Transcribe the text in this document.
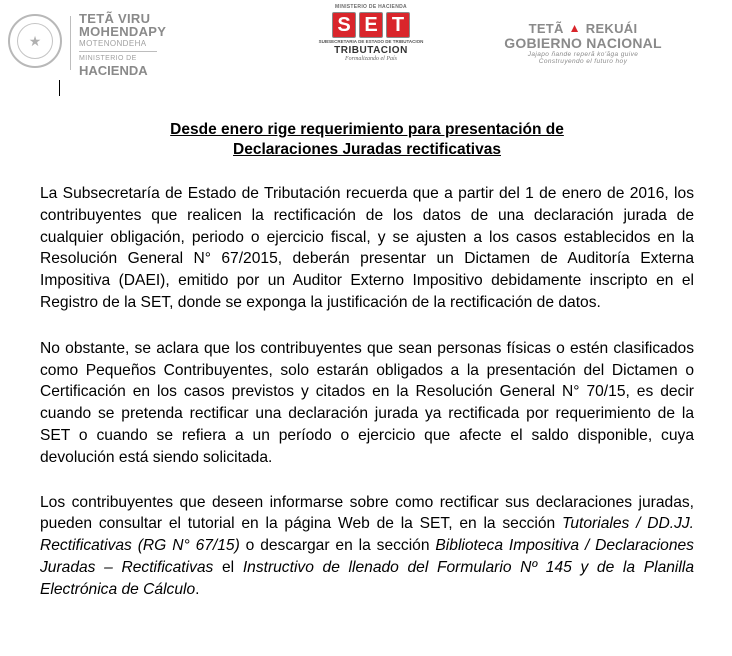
★
TETÃ VIRU
MOHENDAPY
MOTENONDEHA
MINISTERIO DE
HACIENDA
MINISTERIO DE HACIENDA
S E T
SUBSECRETARIA DE ESTADO DE TRIBUTACION
TRIBUTACION
Formalizando el País
TETÃ ▲ REKUÁI
GOBIERNO NACIONAL
Jajapo ñande reperã ko'ãga guive
Construyendo el futuro hoy
Desde enero rige requerimiento para presentación de
Declaraciones Juradas rectificativas

La Subsecretaría de Estado de Tributación recuerda que a partir del 1 de enero de 2016, los contribuyentes que realicen la rectificación de los datos de una declaración jurada de cualquier obligación, periodo o ejercicio fiscal, y se ajusten a los casos establecidos en la Resolución General N° 67/2015, deberán presentar un Dictamen de Auditoría Externa Impositiva (DAEI), emitido por un Auditor Externo Impositivo debidamente inscripto en el Registro de la SET, donde se exponga la justificación de la rectificación de datos.

No obstante, se aclara que los contribuyentes que sean personas físicas o estén clasificados como Pequeños Contribuyentes, solo estarán obligados a la presentación del Dictamen o Certificación en los casos previstos y citados en la Resolución General N° 70/15, es decir cuando se pretenda rectificar una declaración jurada ya rectificada por requerimiento de la SET o cuando se refiera a un período o ejercicio que afecte el saldo disponible, cuya devolución está siendo solicitada.

Los contribuyentes que deseen informarse sobre como rectificar sus declaraciones juradas, pueden consultar el tutorial en la página Web de la SET, en la sección Tutoriales / DD.JJ. Rectificativas (RG N° 67/15) o descargar en la sección Biblioteca Impositiva / Declaraciones Juradas – Rectificativas el Instructivo de llenado del Formulario Nº 145 y de la Planilla Electrónica de Cálculo.
